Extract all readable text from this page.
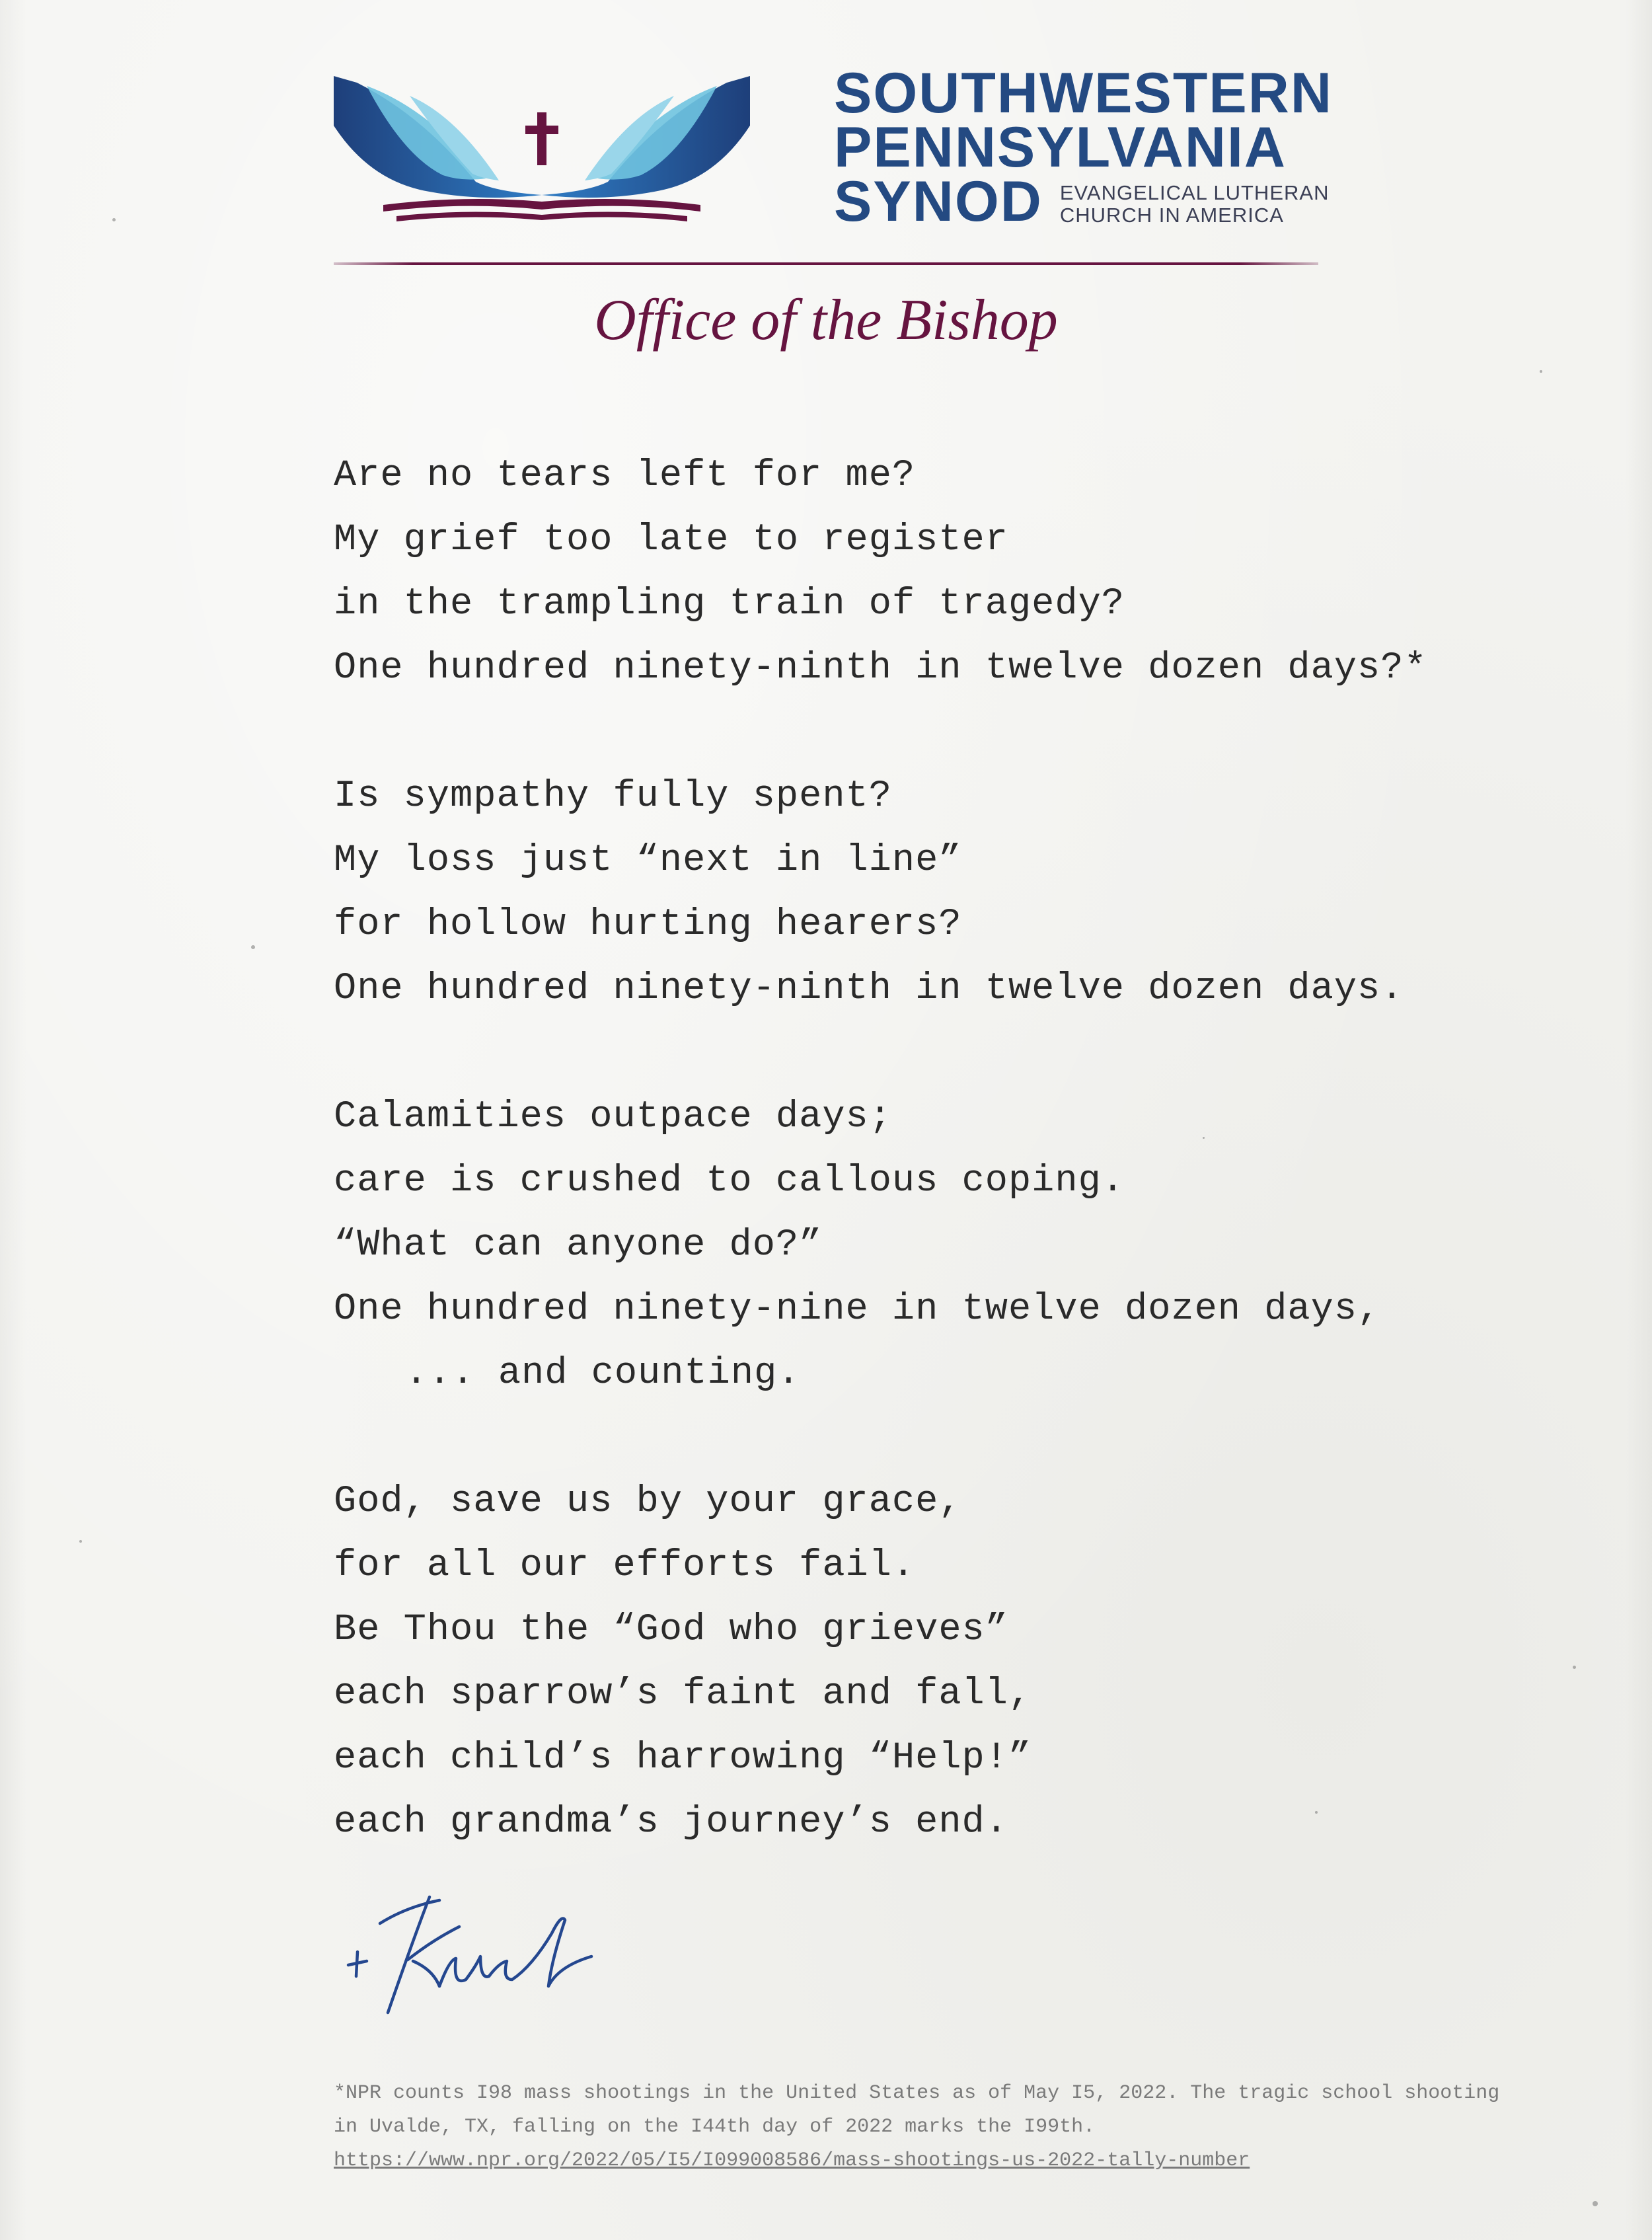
SOUTHWESTERN
PENNSYLVANIA
SYNOD EVANGELICAL LUTHERAN
CHURCH IN AMERICA
Office of the Bishop
Are no tears left for me?
My grief too late to register
in the trampling train of tragedy?
One hundred ninety-ninth in twelve dozen days?*
Is sympathy fully spent?
My loss just “next in line”
for hollow hurting hearers?
One hundred ninety-ninth in twelve dozen days.
Calamities outpace days;
care is crushed to callous coping.
“What can anyone do?”
One hundred ninety-nine in twelve dozen days,
... and counting.
God, save us by your grace,
for all our efforts fail.
Be Thou the “God who grieves”
each sparrow’s faint and fall,
each child’s harrowing “Help!”
each grandma’s journey’s end.
*NPR counts I98 mass shootings in the United States as of May I5, 2022. The tragic school shooting
in Uvalde, TX, falling on the I44th day of 2022 marks the I99th.
https://www.npr.org/2022/05/I5/I099008586/mass-shootings-us-2022-tally-number
